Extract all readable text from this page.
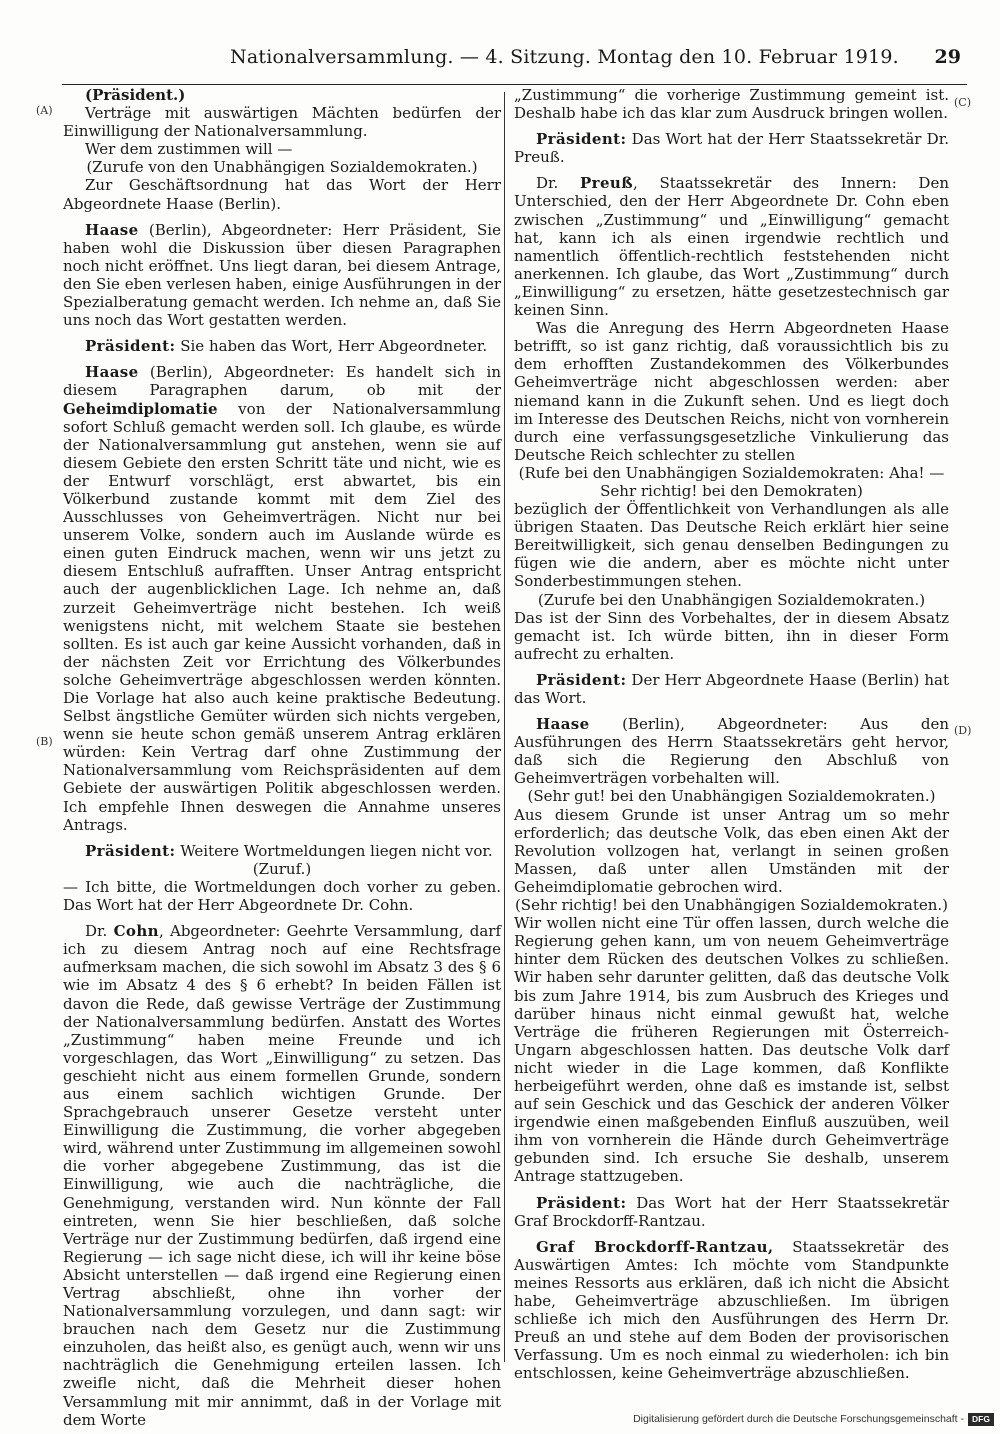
Nationalversammlung. — 4. Sitzung. Montag den 10. Februar 1919. 29
(A)
(B)
(C)
(D)

(Präsident.)

Verträge mit auswärtigen Mächten bedürfen der Einwilligung der Nationalversammlung.

Wer dem zustimmen will —

(Zurufe von den Unabhängigen Sozialdemokraten.)

Zur Geschäftsordnung hat das Wort der Herr Abgeordnete Haase (Berlin).

Haase (Berlin), Abgeordneter: Herr Präsident, Sie haben wohl die Diskussion über diesen Paragraphen noch nicht eröffnet. Uns liegt daran, bei diesem Antrage, den Sie eben verlesen haben, einige Ausführungen in der Spezialberatung gemacht werden. Ich nehme an, daß Sie uns noch das Wort gestatten werden.

Präsident: Sie haben das Wort, Herr Abgeordneter.

Haase (Berlin), Abgeordneter: Es handelt sich in diesem Paragraphen darum, ob mit der Geheimdiplomatie von der Nationalversammlung sofort Schluß gemacht werden soll. Ich glaube, es würde der Nationalversammlung gut anstehen, wenn sie auf diesem Gebiete den ersten Schritt täte und nicht, wie es der Entwurf vorschlägt, erst abwartet, bis ein Völkerbund zustande kommt mit dem Ziel des Ausschlusses von Geheimverträgen. Nicht nur bei unserem Volke, sondern auch im Auslande würde es einen guten Eindruck machen, wenn wir uns jetzt zu diesem Entschluß aufrafften. Unser Antrag entspricht auch der augenblicklichen Lage. Ich nehme an, daß zurzeit Geheimverträge nicht bestehen. Ich weiß wenigstens nicht, mit welchem Staate sie bestehen sollten. Es ist auch gar keine Aussicht vorhanden, daß in der nächsten Zeit vor Errichtung des Völkerbundes solche Geheimverträge abgeschlossen werden könnten. Die Vorlage hat also auch keine praktische Bedeutung. Selbst ängstliche Gemüter würden sich nichts vergeben, wenn sie heute schon gemäß unserem Antrag erklären würden: Kein Vertrag darf ohne Zustimmung der Nationalversammlung vom Reichspräsidenten auf dem Gebiete der auswärtigen Politik abgeschlossen werden. Ich empfehle Ihnen deswegen die Annahme unseres Antrags.

Präsident: Weitere Wortmeldungen liegen nicht vor.

(Zuruf.)

— Ich bitte, die Wortmeldungen doch vorher zu geben. Das Wort hat der Herr Abgeordnete Dr. Cohn.

Dr. Cohn, Abgeordneter: Geehrte Versammlung, darf ich zu diesem Antrag noch auf eine Rechtsfrage aufmerksam machen, die sich sowohl im Absatz 3 des § 6 wie im Absatz 4 des § 6 erhebt? In beiden Fällen ist davon die Rede, daß gewisse Verträge der Zustimmung der Nationalversammlung bedürfen. Anstatt des Wortes „Zustimmung“ haben meine Freunde und ich vorgeschlagen, das Wort „Einwilligung“ zu setzen. Das geschieht nicht aus einem formellen Grunde, sondern aus einem sachlich wichtigen Grunde. Der Sprachgebrauch unserer Gesetze versteht unter Einwilligung die Zustimmung, die vorher abgegeben wird, während unter Zustimmung im allgemeinen sowohl die vorher abgegebene Zustimmung, das ist die Einwilligung, wie auch die nachträgliche, die Genehmigung, verstanden wird. Nun könnte der Fall eintreten, wenn Sie hier beschließen, daß solche Verträge nur der Zustimmung bedürfen, daß irgend eine Regierung — ich sage nicht diese, ich will ihr keine böse Absicht unterstellen — daß irgend eine Regierung einen Vertrag abschließt, ohne ihn vorher der Nationalversammlung vorzulegen, und dann sagt: wir brauchen nach dem Gesetz nur die Zustimmung einzuholen, das heißt also, es genügt auch, wenn wir uns nachträglich die Genehmigung erteilen lassen. Ich zweifle nicht, daß die Mehrheit dieser hohen Versammlung mit mir annimmt, daß in der Vorlage mit dem Worte

„Zustimmung“ die vorherige Zustimmung gemeint ist. Deshalb habe ich das klar zum Ausdruck bringen wollen.

Präsident: Das Wort hat der Herr Staatssekretär Dr. Preuß.

Dr. Preuß, Staatssekretär des Innern: Den Unterschied, den der Herr Abgeordnete Dr. Cohn eben zwischen „Zustimmung“ und „Einwilligung“ gemacht hat, kann ich als einen irgendwie rechtlich und namentlich öffentlich-rechtlich feststehenden nicht anerkennen. Ich glaube, das Wort „Zustimmung“ durch „Einwilligung“ zu ersetzen, hätte gesetzestechnisch gar keinen Sinn.

Was die Anregung des Herrn Abgeordneten Haase betrifft, so ist ganz richtig, daß voraussichtlich bis zu dem erhofften Zustandekommen des Völkerbundes Geheimverträge nicht abgeschlossen werden: aber niemand kann in die Zukunft sehen. Und es liegt doch im Interesse des Deutschen Reichs, nicht von vornherein durch eine verfassungsgesetzliche Vinkulierung das Deutsche Reich schlechter zu stellen

(Rufe bei den Unabhängigen Sozialdemokraten: Aha! — Sehr richtig! bei den Demokraten)

bezüglich der Öffentlichkeit von Verhandlungen als alle übrigen Staaten. Das Deutsche Reich erklärt hier seine Bereitwilligkeit, sich genau denselben Bedingungen zu fügen wie die andern, aber es möchte nicht unter Sonderbestimmungen stehen.

(Zurufe bei den Unabhängigen Sozialdemokraten.)

Das ist der Sinn des Vorbehaltes, der in diesem Absatz gemacht ist. Ich würde bitten, ihn in dieser Form aufrecht zu erhalten.

Präsident: Der Herr Abgeordnete Haase (Berlin) hat das Wort.

Haase (Berlin), Abgeordneter: Aus den Ausführungen des Herrn Staatssekretärs geht hervor, daß sich die Regierung den Abschluß von Geheimverträgen vorbehalten will.

(Sehr gut! bei den Unabhängigen Sozialdemokraten.)

Aus diesem Grunde ist unser Antrag um so mehr erforderlich; das deutsche Volk, das eben einen Akt der Revolution vollzogen hat, verlangt in seinen großen Massen, daß unter allen Umständen mit der Geheimdiplomatie gebrochen wird.

(Sehr richtig! bei den Unabhängigen Sozialdemokraten.)

Wir wollen nicht eine Tür offen lassen, durch welche die Regierung gehen kann, um von neuem Geheimverträge hinter dem Rücken des deutschen Volkes zu schließen. Wir haben sehr darunter gelitten, daß das deutsche Volk bis zum Jahre 1914, bis zum Ausbruch des Krieges und darüber hinaus nicht einmal gewußt hat, welche Verträge die früheren Regierungen mit Österreich-Ungarn abgeschlossen hatten. Das deutsche Volk darf nicht wieder in die Lage kommen, daß Konflikte herbeigeführt werden, ohne daß es imstande ist, selbst auf sein Geschick und das Geschick der anderen Völker irgendwie einen maßgebenden Einfluß auszuüben, weil ihm von vornherein die Hände durch Geheimverträge gebunden sind. Ich ersuche Sie deshalb, unserem Antrage stattzugeben.

Präsident: Das Wort hat der Herr Staatssekretär Graf Brockdorff-Rantzau.

Graf Brockdorff-Rantzau, Staatssekretär des Auswärtigen Amtes: Ich möchte vom Standpunkte meines Ressorts aus erklären, daß ich nicht die Absicht habe, Geheimverträge abzuschließen. Im übrigen schließe ich mich den Ausführungen des Herrn Dr. Preuß an und stehe auf dem Boden der provisorischen Verfassung. Um es noch einmal zu wiederholen: ich bin entschlossen, keine Geheimverträge abzuschließen.

Digitalisierung gefördert durch die Deutsche Forschungsgemeinschaft - DFG
